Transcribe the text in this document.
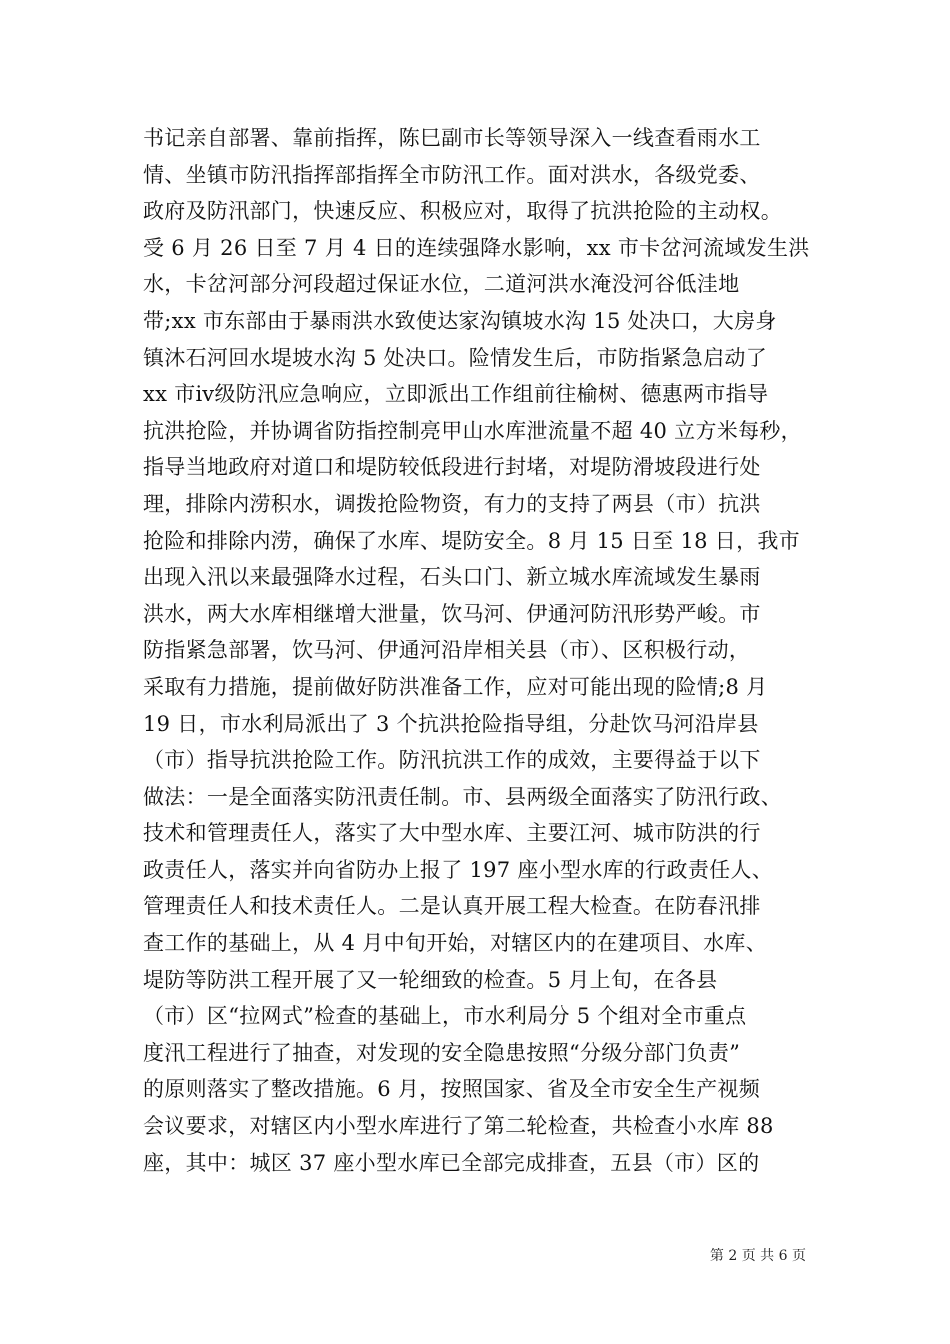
书记亲自部署、靠前指挥，陈巳副市长等领导深入一线查看雨水工
情、坐镇市防汛指挥部指挥全市防汛工作。面对洪水，各级党委、
政府及防汛部门，快速反应、积极应对，取得了抗洪抢险的主动权。
受 6 月 26 日至 7 月 4 日的连续强降水影响，xx 市卡岔河流域发生洪
水，卡岔河部分河段超过保证水位，二道河洪水淹没河谷低洼地
带;xx 市东部由于暴雨洪水致使达家沟镇坡水沟 15 处决口，大房身
镇沐石河回水堤坡水沟 5 处决口。险情发生后，市防指紧急启动了
xx 市ⅳ级防汛应急响应，立即派出工作组前往榆树、德惠两市指导
抗洪抢险，并协调省防指控制亮甲山水库泄流量不超 40 立方米每秒，
指导当地政府对道口和堤防较低段进行封堵，对堤防滑坡段进行处
理，排除内涝积水，调拨抢险物资，有力的支持了两县（市）抗洪
抢险和排除内涝，确保了水库、堤防安全。8 月 15 日至 18 日，我市
出现入汛以来最强降水过程，石头口门、新立城水库流域发生暴雨
洪水，两大水库相继增大泄量，饮马河、伊通河防汛形势严峻。市
防指紧急部署，饮马河、伊通河沿岸相关县（市）、区积极行动，
采取有力措施，提前做好防洪准备工作，应对可能出现的险情;8 月
19 日，市水利局派出了 3 个抗洪抢险指导组，分赴饮马河沿岸县
（市）指导抗洪抢险工作。防汛抗洪工作的成效，主要得益于以下
做法：一是全面落实防汛责任制。市、县两级全面落实了防汛行政、
技术和管理责任人，落实了大中型水库、主要江河、城市防洪的行
政责任人，落实并向省防办上报了 197 座小型水库的行政责任人、
管理责任人和技术责任人。二是认真开展工程大检查。在防春汛排
查工作的基础上，从 4 月中旬开始，对辖区内的在建项目、水库、
堤防等防洪工程开展了又一轮细致的检查。5 月上旬，在各县
（市）区“拉网式”检查的基础上，市水利局分 5 个组对全市重点
度汛工程进行了抽查，对发现的安全隐患按照“分级分部门负责”
的原则落实了整改措施。6 月，按照国家、省及全市安全生产视频
会议要求，对辖区内小型水库进行了第二轮检查，共检查小水库 88
座，其中：城区 37 座小型水库已全部完成排查，五县（市）区的
第 2 页 共 6 页
